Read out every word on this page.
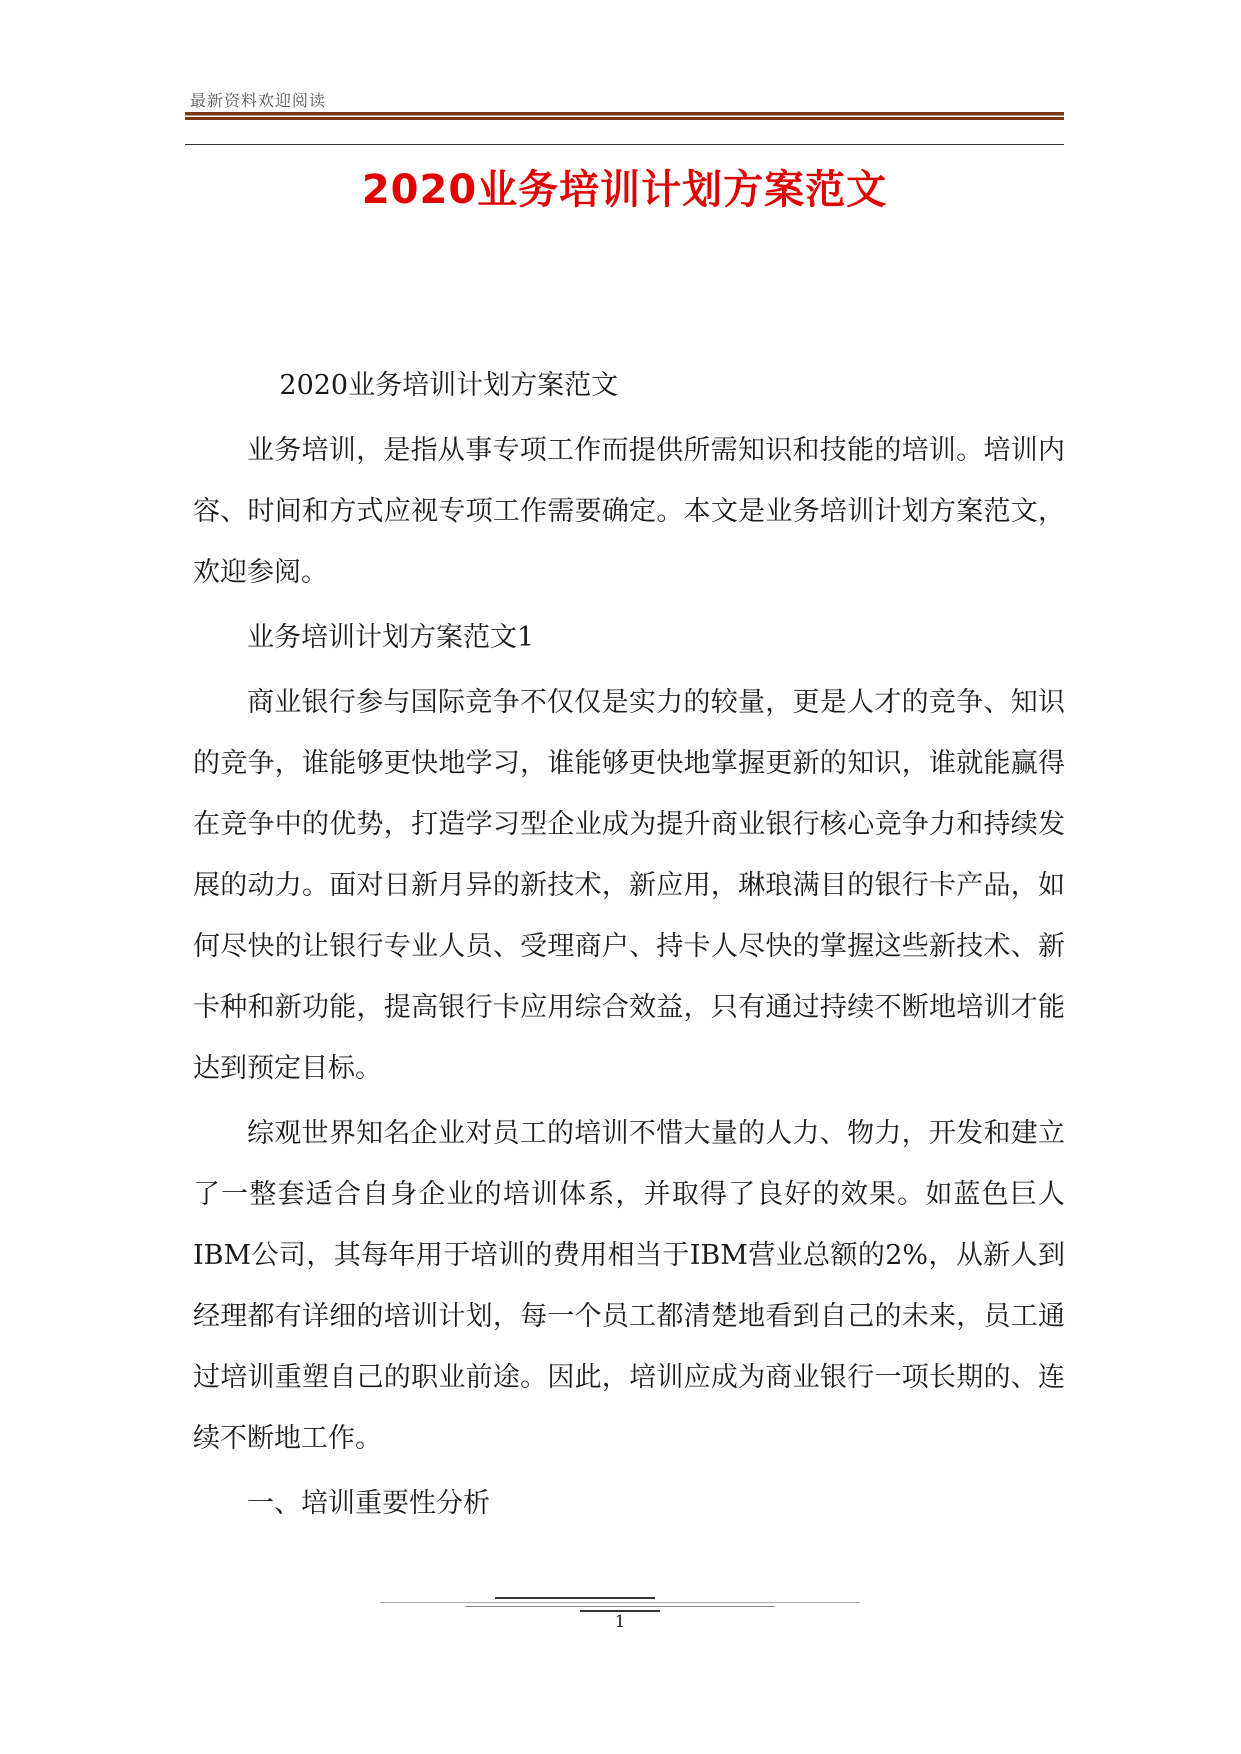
最新资料欢迎阅读
2020业务培训计划方案范文

2020业务培训计划方案范文

业务培训，是指从事专项工作而提供所需知识和技能的培训。培训内容、时间和方式应视专项工作需要确定。本文是业务培训计划方案范文，欢迎参阅。

业务培训计划方案范文1

商业银行参与国际竞争不仅仅是实力的较量，更是人才的竞争、知识的竞争，谁能够更快地学习，谁能够更快地掌握更新的知识，谁就能赢得在竞争中的优势，打造学习型企业成为提升商业银行核心竞争力和持续发展的动力。面对日新月异的新技术，新应用，琳琅满目的银行卡产品，如何尽快的让银行专业人员、受理商户、持卡人尽快的掌握这些新技术、新卡种和新功能，提高银行卡应用综合效益，只有通过持续不断地培训才能达到预定目标。

综观世界知名企业对员工的培训不惜大量的人力、物力，开发和建立了一整套适合自身企业的培训体系，并取得了良好的效果。如蓝色巨人IBM公司，其每年用于培训的费用相当于IBM营业总额的2%，从新人到经理都有详细的培训计划，每一个员工都清楚地看到自己的未来，员工通过培训重塑自己的职业前途。因此，培训应成为商业银行一项长期的、连续不断地工作。

一、培训重要性分析

1
